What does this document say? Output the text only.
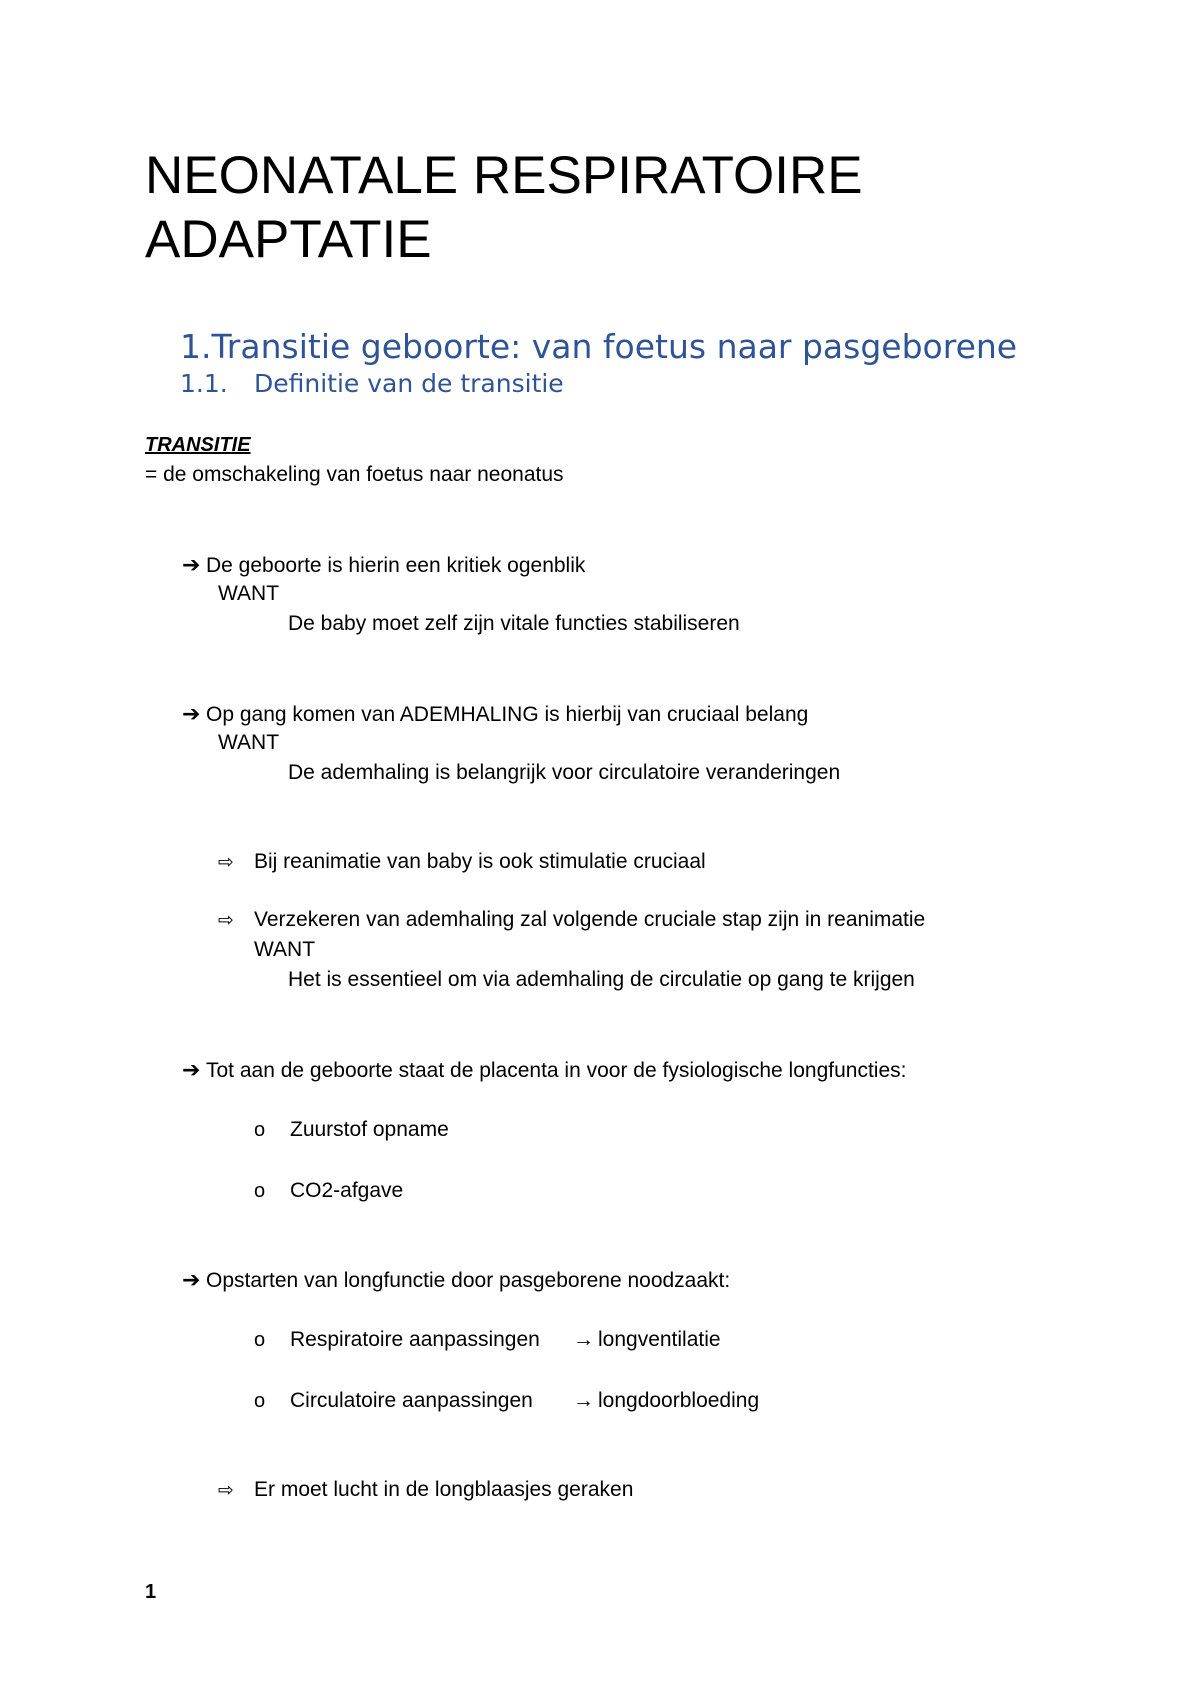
NEONATALE RESPIRATOIRE
ADAPTATIE
1.Transitie geboorte: van foetus naar pasgeborene
1.1. Definitie van de transitie
TRANSITIE
= de omschakeling van foetus naar neonatus
➔ De geboorte is hierin een kritiek ogenblik
WANT
De baby moet zelf zijn vitale functies stabiliseren
➔ Op gang komen van ADEMHALING is hierbij van cruciaal belang
WANT
De ademhaling is belangrijk voor circulatoire veranderingen
⇨ Bij reanimatie van baby is ook stimulatie cruciaal
⇨ Verzekeren van ademhaling zal volgende cruciale stap zijn in reanimatie
WANT
Het is essentieel om via ademhaling de circulatie op gang te krijgen
➔ Tot aan de geboorte staat de placenta in voor de fysiologische longfuncties:
o Zuurstof opname
o CO2-afgave
➔ Opstarten van longfunctie door pasgeborene noodzaakt:
o Respiratoire aanpassingen → longventilatie
o Circulatoire aanpassingen → longdoorbloeding
⇨ Er moet lucht in de longblaasjes geraken
1
